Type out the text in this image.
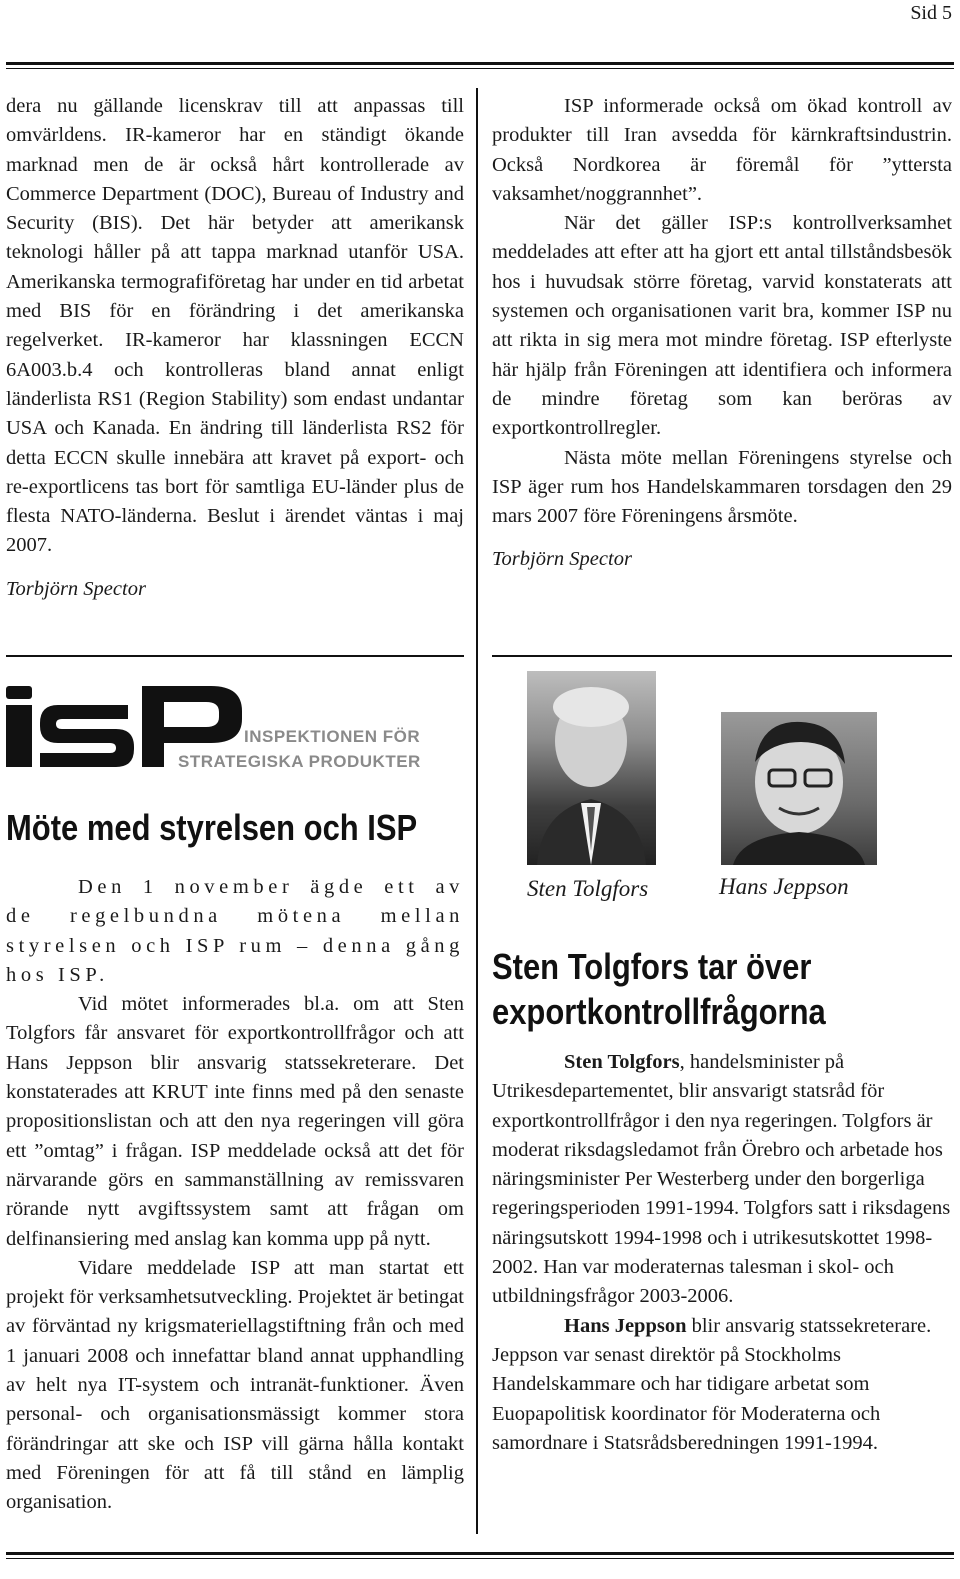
Sid 5

dera nu gällande licenskrav till att anpassas till omvärldens. IR-kameror har en ständigt ökande marknad men de är också hårt kontrollerade av Commerce Department (DOC), Bureau of Industry and Security (BIS). Det här betyder att amerikansk teknologi håller på att tappa marknad utanför USA. Amerikanska termografiföretag har under en tid arbetat med BIS för en förändring i det amerikanska regelverket. IR-kameror har klassningen ECCN 6A003.b.4 och kontrolleras bland annat enligt länderlista RS1 (Region Stability) som endast undantar USA och Kanada. En ändring till länderlista RS2 för detta ECCN skulle innebära att kravet på export- och re-exportlicens tas bort för samtliga EU-länder plus de flesta NATO-länderna. Beslut i ärendet väntas i maj 2007.

Torbjörn Spector

ISP informerade också om ökad kontroll av produkter till Iran avsedda för kärnkraftsindustrin. Också Nordkorea är föremål för ”yttersta vaksamhet/noggrannhet”.

När det gäller ISP:s kontrollverksamhet meddelades att efter att ha gjort ett antal tillståndsbesök hos i huvudsak större företag, varvid konstaterats att systemen och organisationen varit bra, kommer ISP nu att rikta in sig mera mot mindre företag. ISP efterlyste här hjälp från Föreningen att identifiera och informera de mindre företag som kan beröras av exportkontrollregler.

Nästa möte mellan Föreningens styrelse och ISP äger rum hos Handelskammaren torsdagen den 29 mars 2007 före Föreningens årsmöte.

Torbjörn Spector

INSPEKTIONEN FÖR
STRATEGISKA PRODUKTER
Möte med styrelsen och ISP

Den 1 november ägde ett av de regelbundna mötena mellan styrelsen och ISP rum – denna gång hos ISP.

Vid mötet informerades bl.a. om att Sten Tolgfors får ansvaret för exportkontrollfrågor och att Hans Jeppson blir ansvarig statssekreterare. Det konstaterades att KRUT inte finns med på den senaste propositionslistan och att den nya regeringen vill göra ett ”omtag” i frågan. ISP meddelade också att det för närvarande görs en sammanställning av remissvaren rörande nytt avgiftssystem samt att frågan om delfinansiering med anslag kan komma upp på nytt.

Vidare meddelade ISP att man startat ett projekt för verksamhetsutveckling. Projektet är betingat av förväntad ny krigsmateriellagstiftning från och med 1 januari 2008 och innefattar bland annat upphandling av helt nya IT-system och intranät-funktioner. Även personal- och organisationsmässigt kommer stora förändringar att ske och ISP vill gärna hålla kontakt med Föreningen för att få till stånd en lämplig organisation.

Sten Tolgfors	Hans Jeppson
Sten Tolgfors tar över exportkontrollfrågorna

Sten Tolgfors, handelsminister på Utrikesdepartementet, blir ansvarigt statsråd för exportkontrollfrågor i den nya regeringen. Tolgfors är moderat riksdagsledamot från Örebro och arbetade hos näringsminister Per Westerberg under den borgerliga regeringsperioden 1991-1994. Tolgfors satt i riksdagens näringsutskott 1994-1998 och i utrikesutskottet 1998-2002. Han var moderaternas talesman i skol- och utbildningsfrågor 2003-2006.

Hans Jeppson blir ansvarig statssekreterare. Jeppson var senast direktör på Stockholms Handelskammare och har tidigare arbetat som Euopapolitisk koordinator för Moderaterna och samordnare i Statsrådsberedningen 1991-1994.
